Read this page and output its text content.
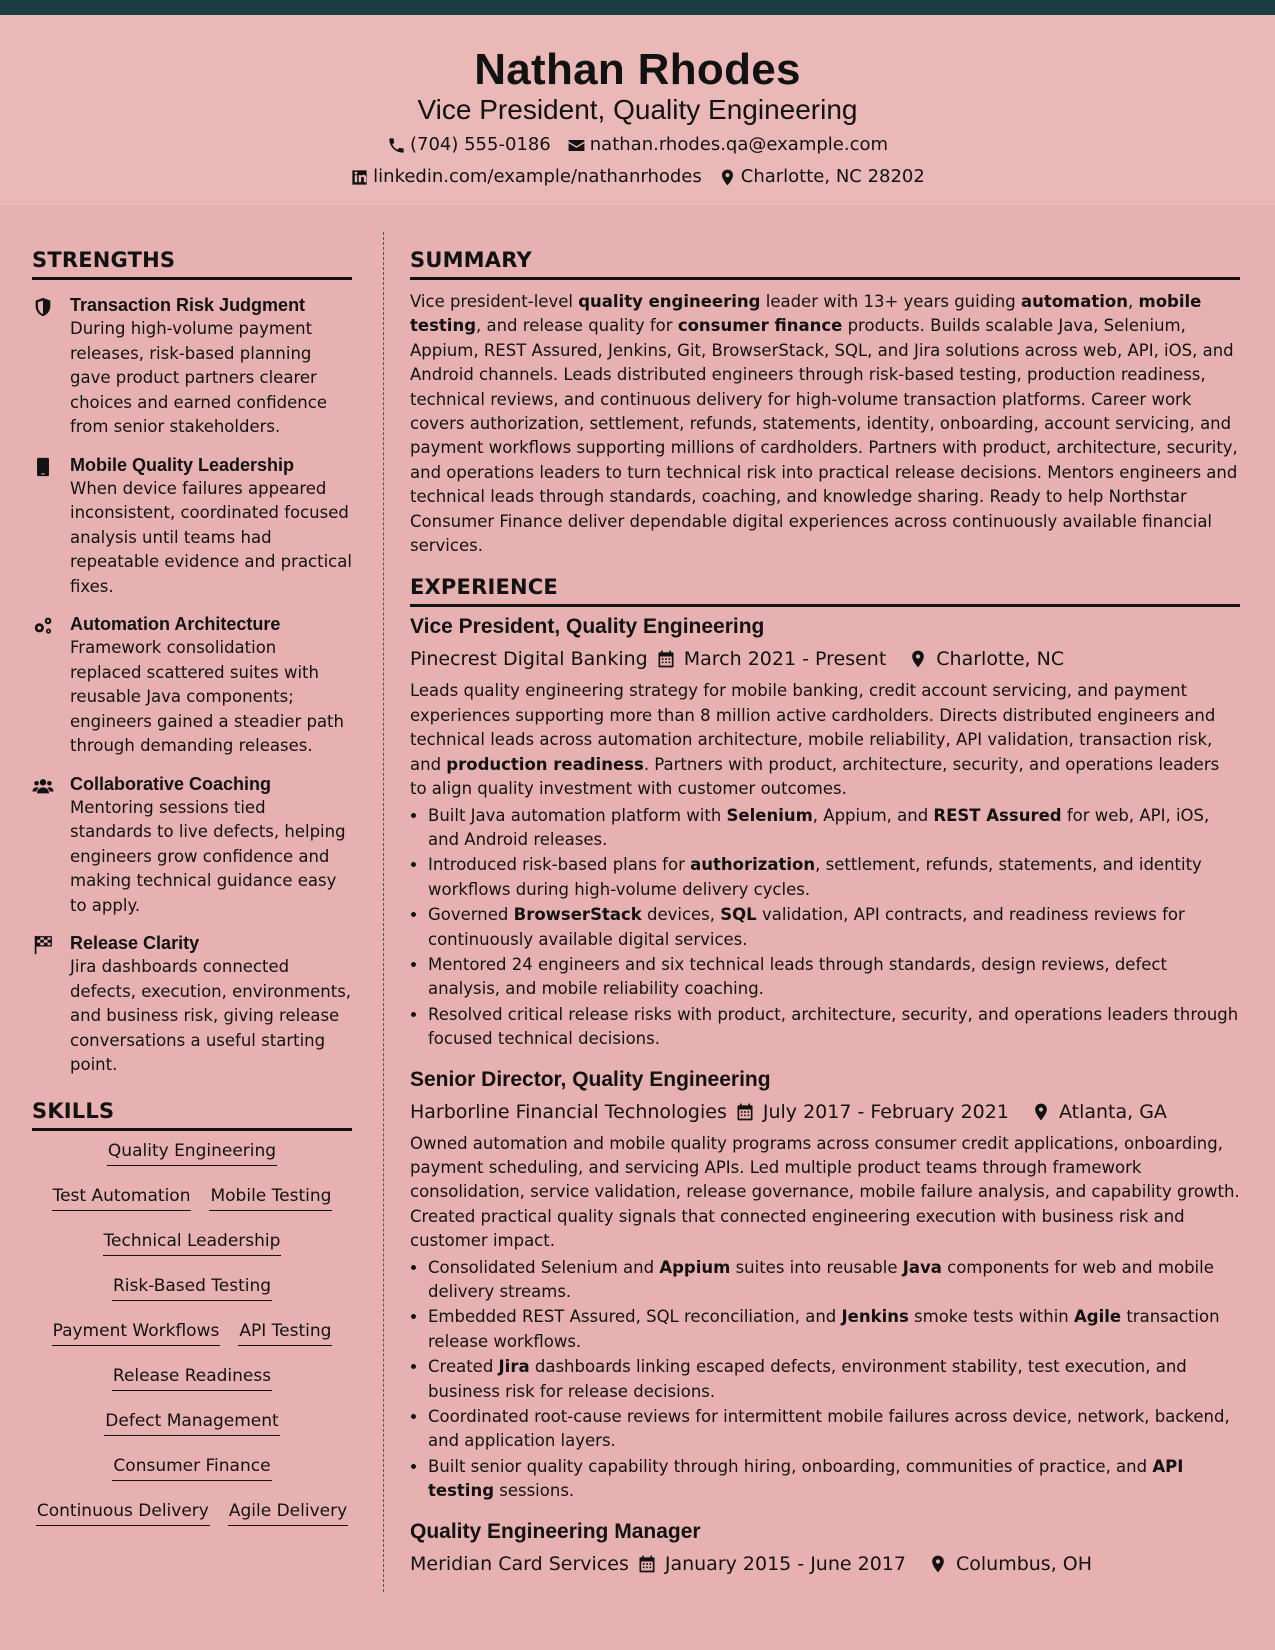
Nathan Rhodes
Vice President, Quality Engineering
(704) 555-0186 nathan.rhodes.qa@example.com
linkedin.com/example/nathanrhodes Charlotte, NC 28202
STRENGTHS
Transaction Risk Judgment
During high-volume payment releases, risk-based planning gave product partners clearer choices and earned confidence from senior stakeholders.
Mobile Quality Leadership
When device failures appeared inconsistent, coordinated focused analysis until teams had repeatable evidence and practical fixes.
Automation Architecture
Framework consolidation replaced scattered suites with reusable Java components; engineers gained a steadier path through demanding releases.
Collaborative Coaching
Mentoring sessions tied standards to live defects, helping engineers grow confidence and making technical guidance easy to apply.
Release Clarity
Jira dashboards connected defects, execution, environments, and business risk, giving release conversations a useful starting point.
SKILLS
Quality Engineering
Test Automation Mobile Testing
Technical Leadership
Risk-Based Testing
Payment Workflows API Testing
Release Readiness
Defect Management
Consumer Finance
Continuous Delivery Agile Delivery
SUMMARY
Vice president-level quality engineering leader with 13+ years guiding automation, mobile testing, and release quality for consumer finance products. Builds scalable Java, Selenium, Appium, REST Assured, Jenkins, Git, BrowserStack, SQL, and Jira solutions across web, API, iOS, and Android channels. Leads distributed engineers through risk-based testing, production readiness, technical reviews, and continuous delivery for high-volume transaction platforms. Career work covers authorization, settlement, refunds, statements, identity, onboarding, account servicing, and payment workflows supporting millions of cardholders. Partners with product, architecture, security, and operations leaders to turn technical risk into practical release decisions. Mentors engineers and technical leads through standards, coaching, and knowledge sharing. Ready to help Northstar Consumer Finance deliver dependable digital experiences across continuously available financial services.
EXPERIENCE
Vice President, Quality Engineering
Pinecrest Digital Banking March 2021 - Present	Charlotte, NC
Leads quality engineering strategy for mobile banking, credit account servicing, and payment experiences supporting more than 8 million active cardholders. Directs distributed engineers and technical leads across automation architecture, mobile reliability, API validation, transaction risk, and production readiness. Partners with product, architecture, security, and operations leaders to align quality investment with customer outcomes.
• Built Java automation platform with Selenium, Appium, and REST Assured for web, API, iOS, and Android releases.
• Introduced risk-based plans for authorization, settlement, refunds, statements, and identity workflows during high-volume delivery cycles.
• Governed BrowserStack devices, SQL validation, API contracts, and readiness reviews for continuously available digital services.
• Mentored 24 engineers and six technical leads through standards, design reviews, defect analysis, and mobile reliability coaching.
• Resolved critical release risks with product, architecture, security, and operations leaders through focused technical decisions.
Senior Director, Quality Engineering
Harborline Financial Technologies July 2017 - February 2021	Atlanta, GA
Owned automation and mobile quality programs across consumer credit applications, onboarding, payment scheduling, and servicing APIs. Led multiple product teams through framework consolidation, service validation, release governance, mobile failure analysis, and capability growth. Created practical quality signals that connected engineering execution with business risk and customer impact.
• Consolidated Selenium and Appium suites into reusable Java components for web and mobile delivery streams.
• Embedded REST Assured, SQL reconciliation, and Jenkins smoke tests within Agile transaction release workflows.
• Created Jira dashboards linking escaped defects, environment stability, test execution, and business risk for release decisions.
• Coordinated root-cause reviews for intermittent mobile failures across device, network, backend, and application layers.
• Built senior quality capability through hiring, onboarding, communities of practice, and API testing sessions.
Quality Engineering Manager
Meridian Card Services January 2015 - June 2017	Columbus, OH
